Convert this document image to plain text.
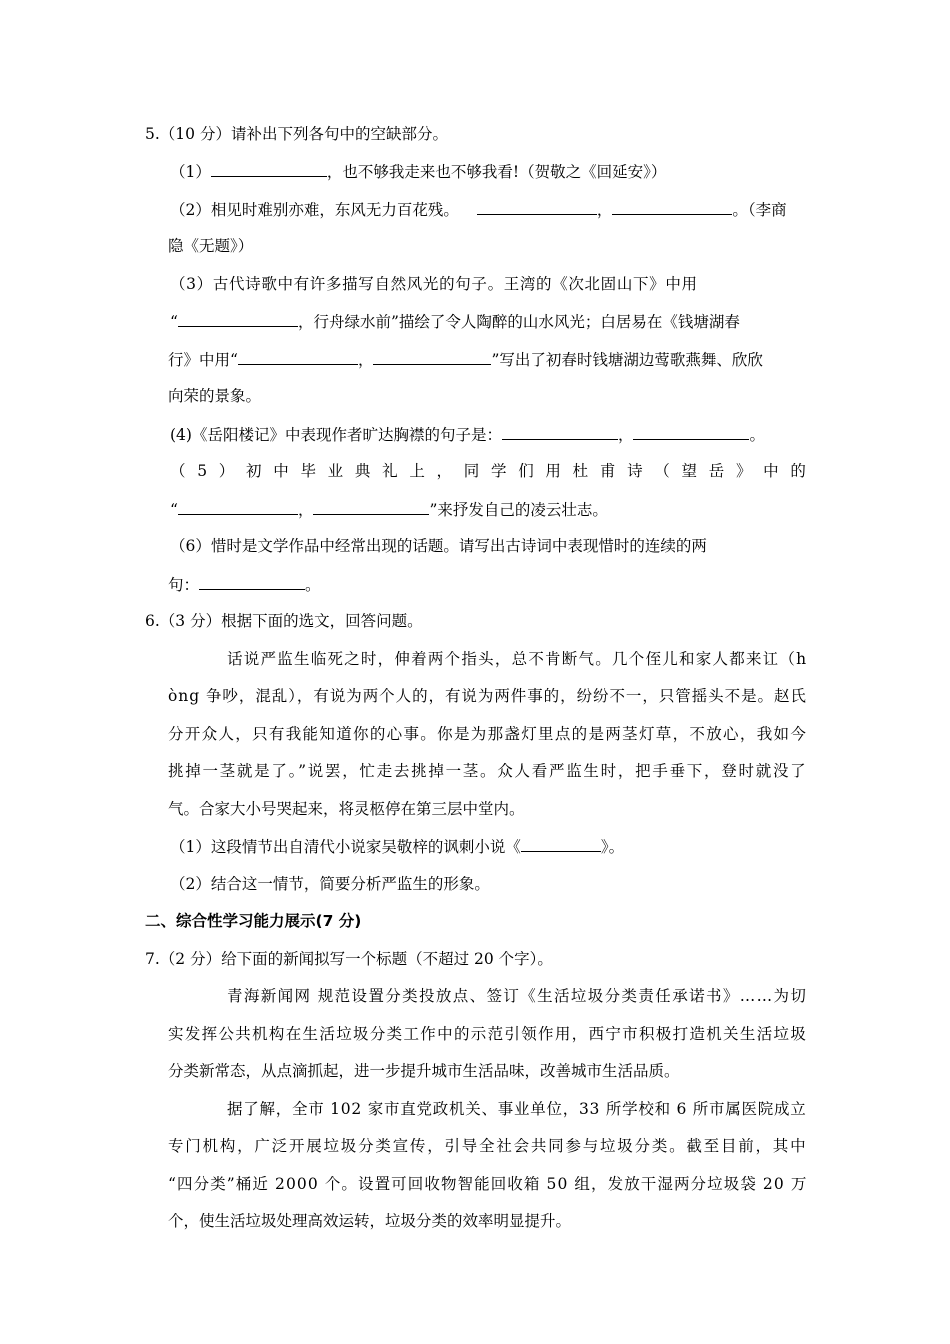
5.（10 分）请补出下列各句中的空缺部分。
（1）	，也不够我走来也不够我看!（贺敬之《回延安》）
（2）相见时难别亦难，东风无力百花残。	，	。（李商
隐《无题》）
（3）古代诗歌中有许多描写自然风光的句子。王湾的《次北固山下》中用
“	，行舟绿水前”描绘了令人陶醉的山水风光；白居易在《钱塘湖春
行》中用“	，	”写出了初春时钱塘湖边莺歌燕舞、欣欣
向荣的景象。
(4)《岳阳楼记》中表现作者旷达胸襟的句子是：	，	。
（ 5 ） 初 中 毕 业 典 礼 上 ， 同 学 们 用 杜 甫 诗 （ 望 岳 》 中 的
“	，	”来抒发自己的凌云壮志。
（6）惜时是文学作品中经常出现的话题。请写出古诗词中表现惜时的连续的两
句：	。
6.（3 分）根据下面的选文，回答问题。
话说严监生临死之时，伸着两个指头，总不肯断气。几个侄儿和家人都来讧（h
òng 争吵，混乱），有说为两个人的，有说为两件事的，纷纷不一，只管摇头不是。赵氏
分开众人，只有我能知道你的心事。你是为那盏灯里点的是两茎灯草，不放心，我如今
挑掉一茎就是了。”说罢，忙走去挑掉一茎。众人看严监生时，把手垂下，登时就没了
气。合家大小号哭起来，将灵柩停在第三层中堂内。
（1）这段情节出自清代小说家吴敬梓的讽刺小说《	》。
（2）结合这一情节，简要分析严监生的形象。
二、综合性学习能力展示(7 分)
7.（2 分）给下面的新闻拟写一个标题（不超过 20 个字）。
青海新闻网 规范设置分类投放点、签订《生活垃圾分类责任承诺书》……为切
实发挥公共机构在生活垃圾分类工作中的示范引领作用，西宁市积极打造机关生活垃圾
分类新常态，从点滴抓起，进一步提升城市生活品味，改善城市生活品质。
据了解，全市 102 家市直党政机关、事业单位，33 所学校和 6 所市属医院成立
专门机构，广泛开展垃圾分类宣传，引导全社会共同参与垃圾分类。截至目前，其中
“四分类”桶近 2000 个。设置可回收物智能回收箱 50 组，发放干湿两分垃圾袋 20 万
个，使生活垃圾处理高效运转，垃圾分类的效率明显提升。
